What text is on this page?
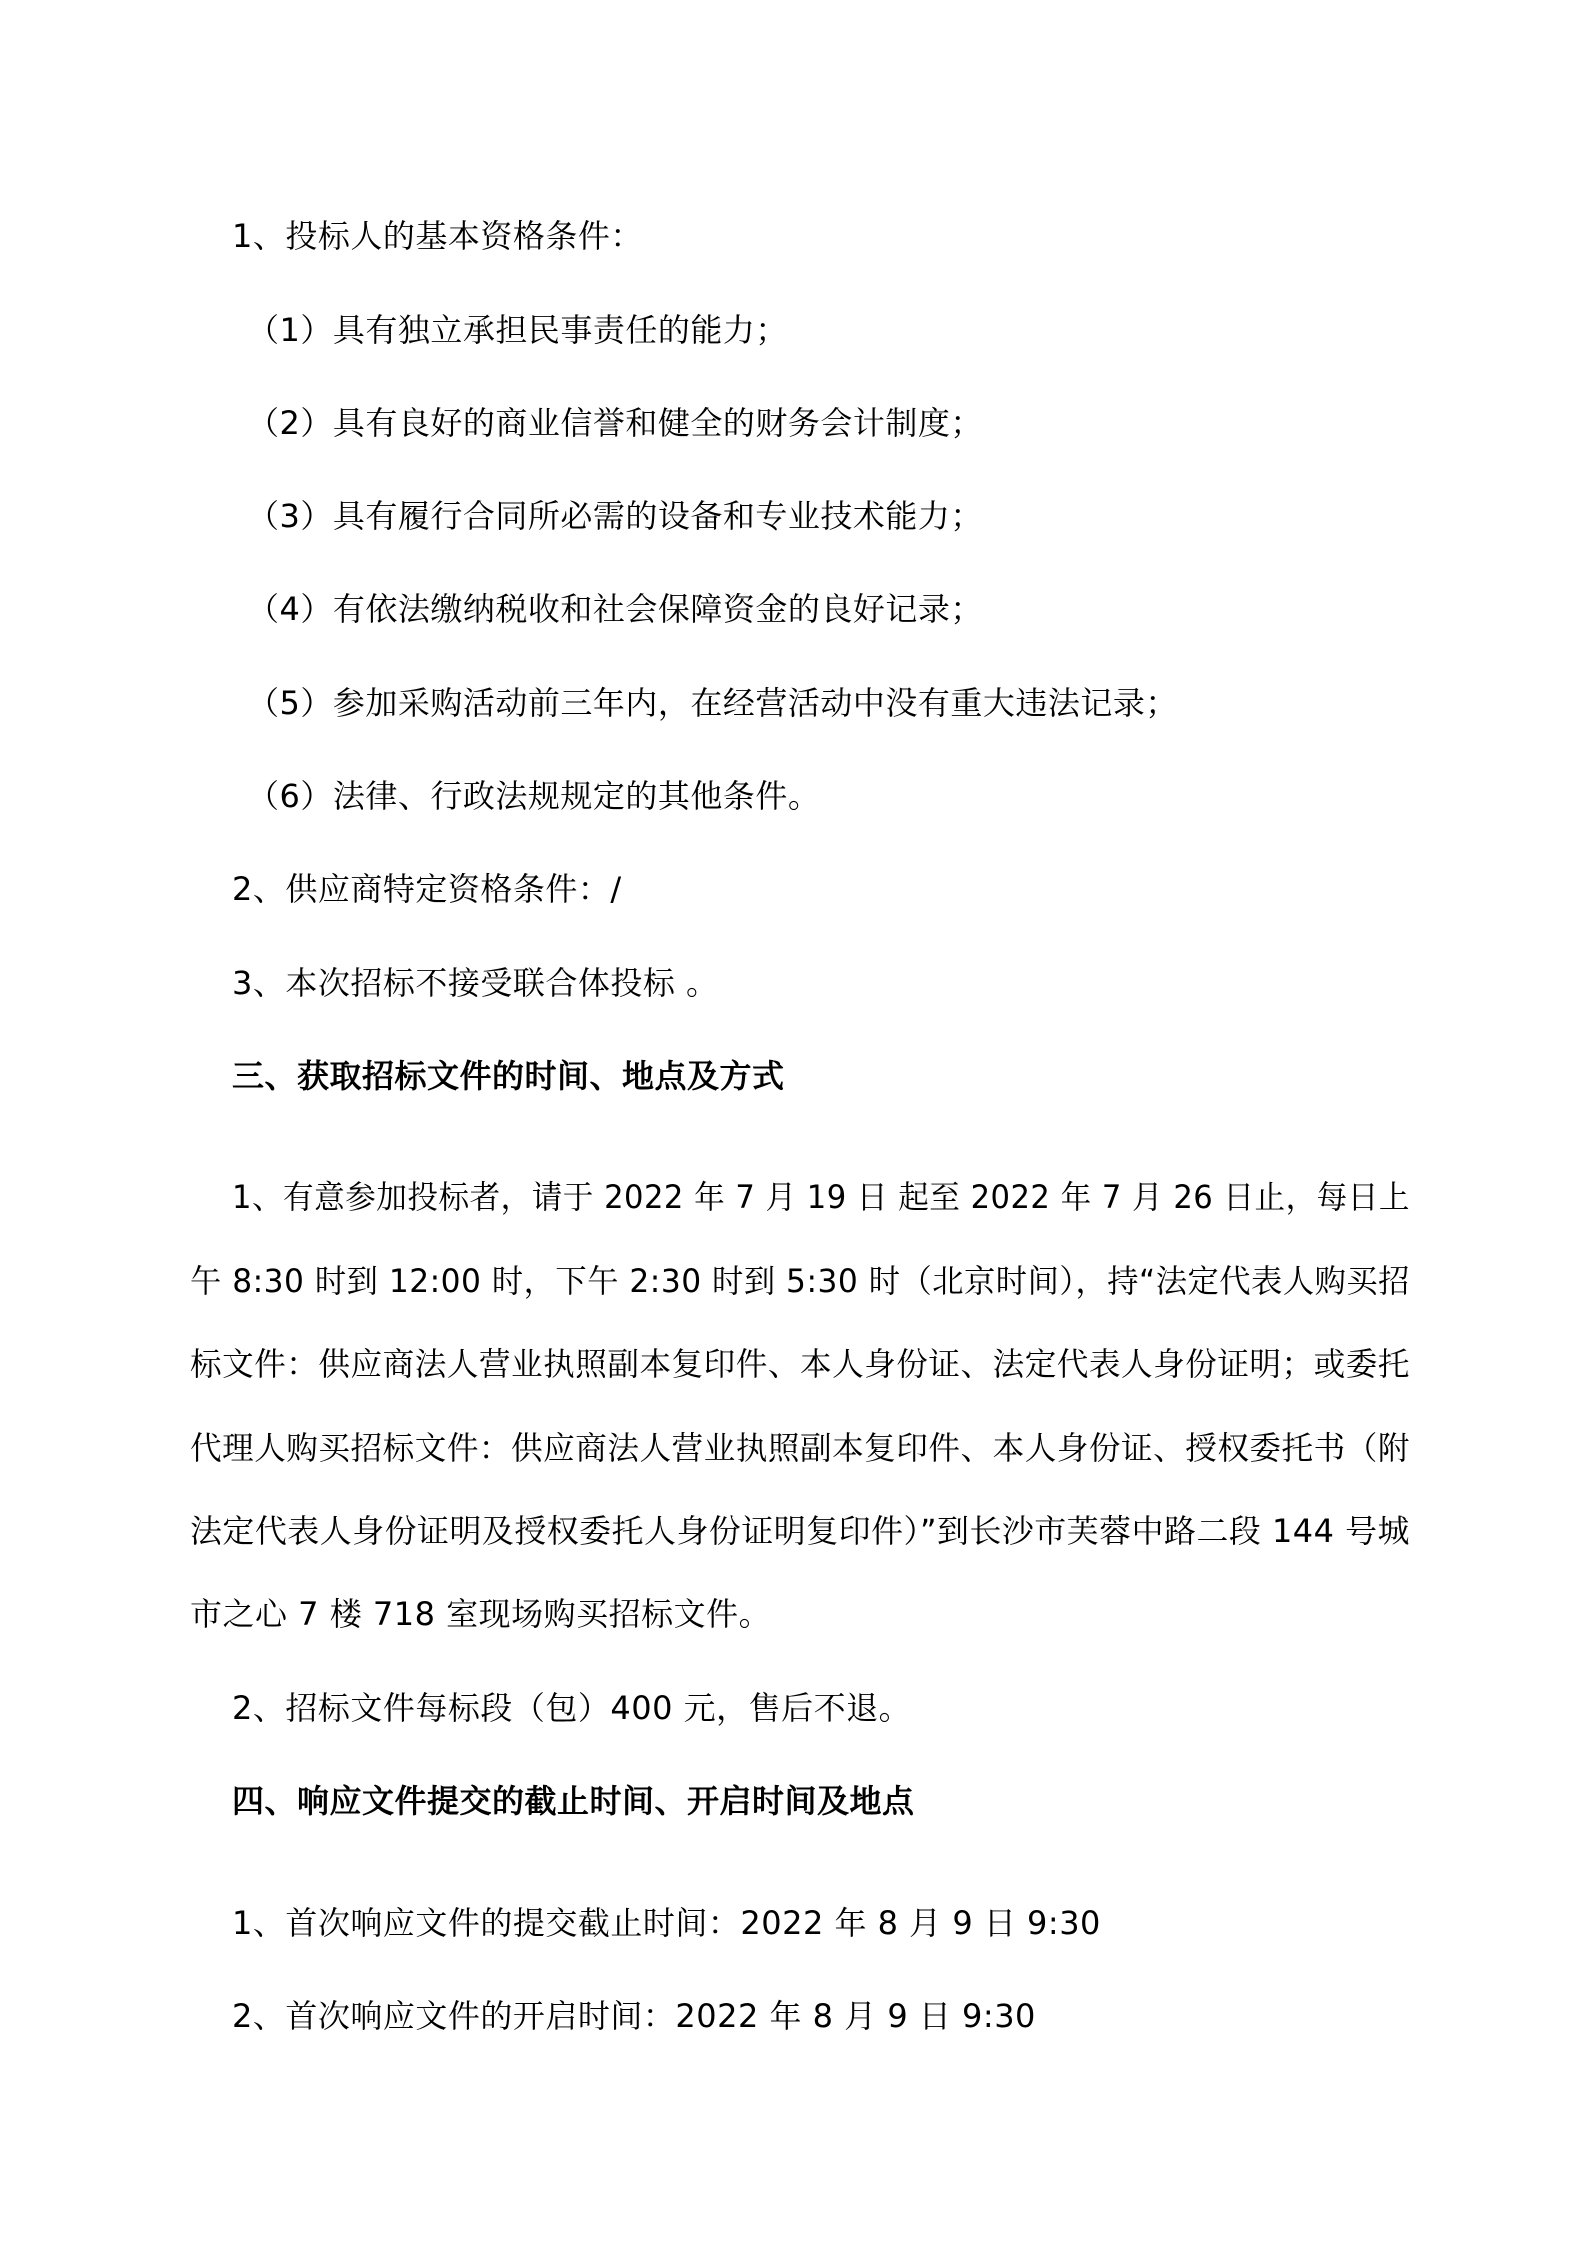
1、投标人的基本资格条件：

（1）具有独立承担民事责任的能力；

（2）具有良好的商业信誉和健全的财务会计制度；

（3）具有履行合同所必需的设备和专业技术能力；

（4）有依法缴纳税收和社会保障资金的良好记录；

（5）参加采购活动前三年内，在经营活动中没有重大违法记录；

（6）法律、行政法规规定的其他条件。

2、供应商特定资格条件：/

3、本次招标不接受联合体投标 。

三、获取招标文件的时间、地点及方式

1、有意参加投标者，请于 2022 年 7 月 19 日 起至 2022 年 7 月 26 日止，每日上

午 8:30 时到 12:00 时，下午 2:30 时到 5:30 时（北京时间），持“法定代表人购买招

标文件：供应商法人营业执照副本复印件、本人身份证、法定代表人身份证明；或委托

代理人购买招标文件：供应商法人营业执照副本复印件、本人身份证、授权委托书（附

法定代表人身份证明及授权委托人身份证明复印件）”到长沙市芙蓉中路二段 144 号城

市之心 7 楼 718 室现场购买招标文件。

2、招标文件每标段（包）400 元，售后不退。

四、响应文件提交的截止时间、开启时间及地点

1、首次响应文件的提交截止时间：2022 年 8 月 9 日 9:30

2、首次响应文件的开启时间：2022 年 8 月 9 日 9:30
